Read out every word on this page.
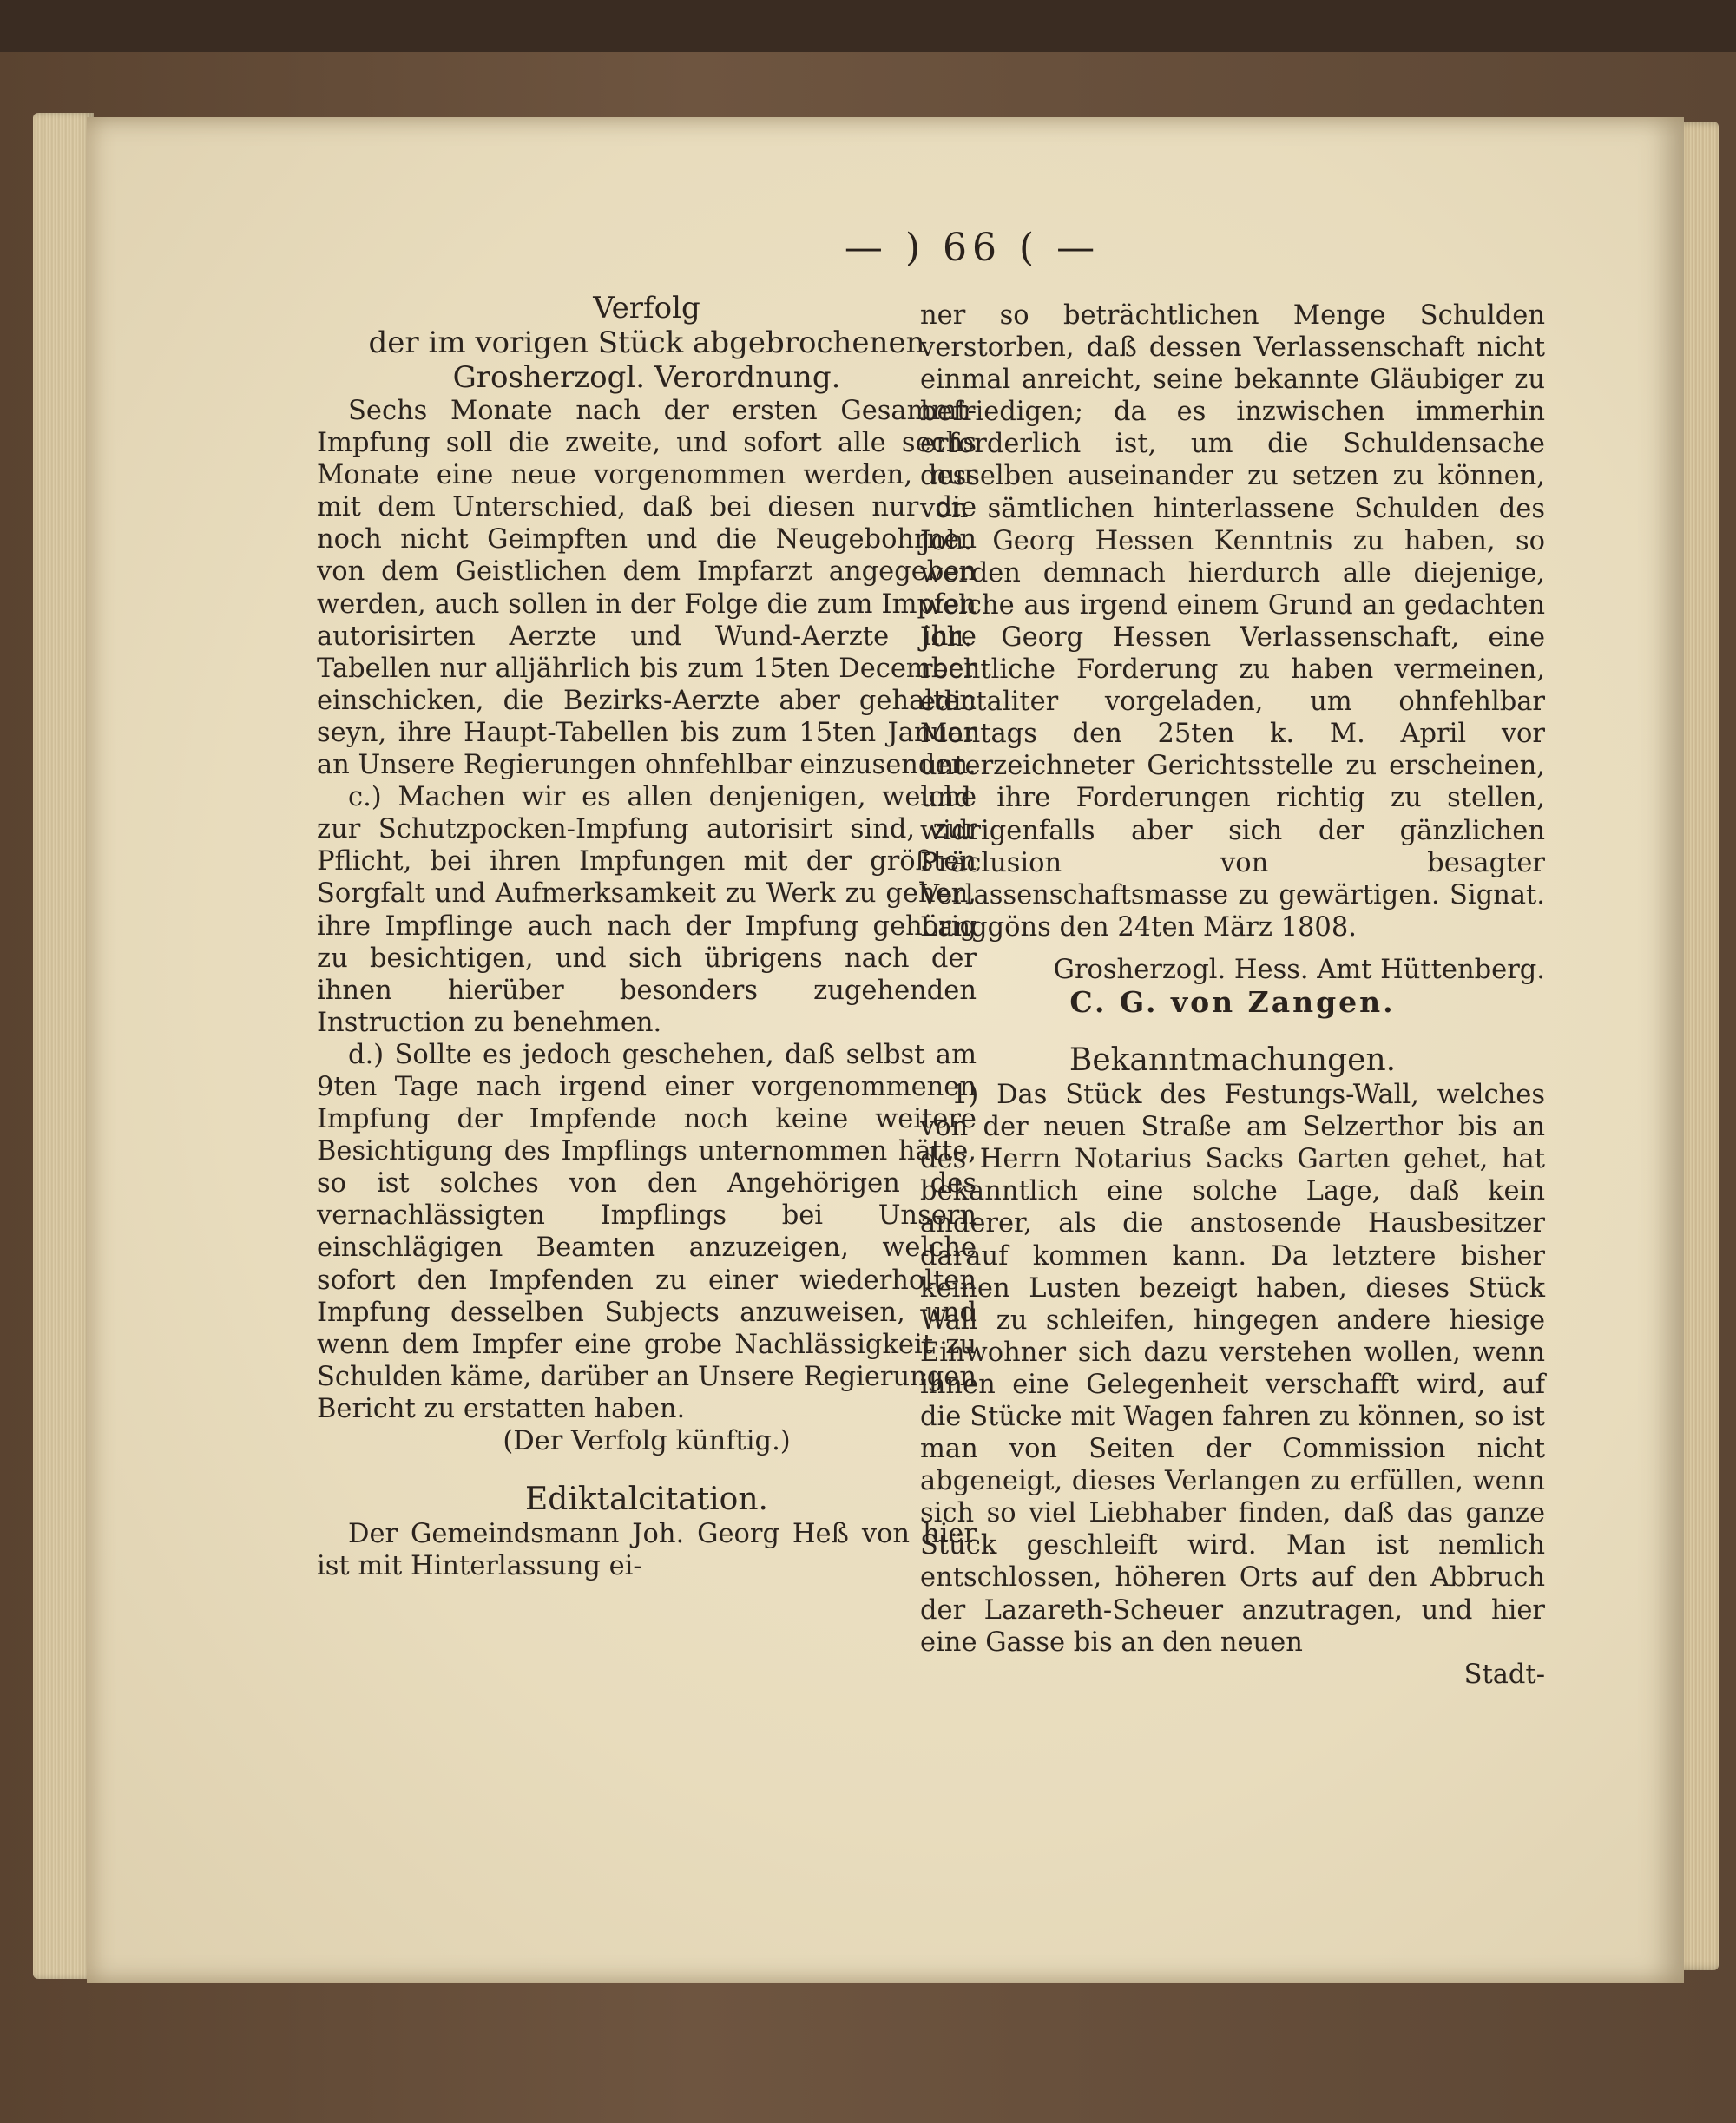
— ) 66 ( —

Verfolg

der im vorigen Stück abgebrochenen

Grosherzogl. Verordnung.

Sechs Monate nach der ersten Gesammt-Impfung soll die zweite, und sofort alle sechs Monate eine neue vorgenommen werden, nur mit dem Unterschied, daß bei diesen nur die noch nicht Geimpften und die Neugebohrnen von dem Geistlichen dem Impfarzt angegeben werden, auch sollen in der Folge die zum Impfen autorisirten Aerzte und Wund-Aerzte ihre Tabellen nur alljährlich bis zum 15ten December einschicken, die Bezirks-Aerzte aber gehalten seyn, ihre Haupt-Tabellen bis zum 15ten Januar an Unsere Regierungen ohnfehlbar einzusenden.

c.) Machen wir es allen denjenigen, welche zur Schutzpocken-Impfung autorisirt sind, zur Pflicht, bei ihren Impfungen mit der größten Sorgfalt und Aufmerksamkeit zu Werk zu gehen, ihre Impflinge auch nach der Impfung gehörig zu besichtigen, und sich übrigens nach der ihnen hierüber besonders zugehenden Instruction zu benehmen.

d.) Sollte es jedoch geschehen, daß selbst am 9ten Tage nach irgend einer vorgenommenen Impfung der Impfende noch keine weitere Besichtigung des Impflings unternommen hätte, so ist solches von den Angehörigen des vernachlässigten Impflings bei Unsern einschlägigen Beamten anzuzeigen, welche sofort den Impfenden zu einer wiederholten Impfung desselben Subjects anzuweisen, und wenn dem Impfer eine grobe Nachlässigkeit zu Schulden käme, darüber an Unsere Regierungen Bericht zu erstatten haben.

(Der Verfolg künftig.)

Ediktalcitation.

Der Gemeindsmann Joh. Georg Heß von hier ist mit Hinterlassung ei-

ner so beträchtlichen Menge Schulden verstorben, daß dessen Verlassenschaft nicht einmal anreicht, seine bekannte Gläubiger zu befriedigen; da es inzwischen immerhin erforderlich ist, um die Schuldensache desselben auseinander zu setzen zu können, von sämtlichen hinterlassene Schulden des Joh. Georg Hessen Kenntnis zu haben, so werden demnach hierdurch alle diejenige, welche aus irgend einem Grund an gedachten Joh. Georg Hessen Verlassenschaft, eine rechtliche Forderung zu haben vermeinen, edictaliter vorgeladen, um ohnfehlbar Montags den 25ten k. M. April vor unterzeichneter Gerichtsstelle zu erscheinen, und ihre Forderungen richtig zu stellen, widrigenfalls aber sich der gänzlichen Präclusion von besagter Verlassenschaftsmasse zu gewärtigen. Signat. Langgöns den 24ten März 1808.

Grosherzogl. Hess. Amt Hüttenberg.

C. G. von Zangen.

Bekanntmachungen.

1) Das Stück des Festungs-Wall, welches von der neuen Straße am Selzerthor bis an des Herrn Notarius Sacks Garten gehet, hat bekanntlich eine solche Lage, daß kein anderer, als die anstosende Hausbesitzer darauf kommen kann. Da letztere bisher keinen Lusten bezeigt haben, dieses Stück Wall zu schleifen, hingegen andere hiesige Einwohner sich dazu verstehen wollen, wenn ihnen eine Gelegenheit verschafft wird, auf die Stücke mit Wagen fahren zu können, so ist man von Seiten der Commission nicht abgeneigt, dieses Verlangen zu erfüllen, wenn sich so viel Liebhaber finden, daß das ganze Stück geschleift wird. Man ist nemlich entschlossen, höheren Orts auf den Abbruch der Lazareth-Scheuer anzutragen, und hier eine Gasse bis an den neuen

Stadt-
